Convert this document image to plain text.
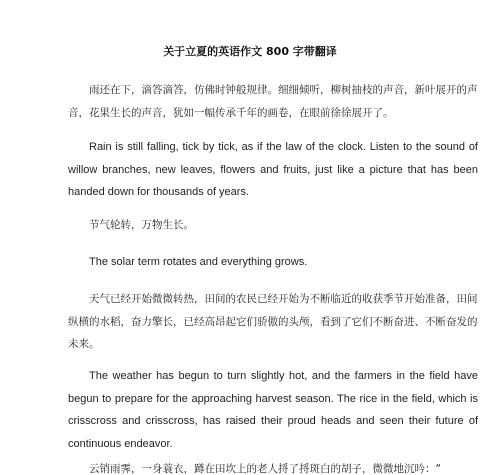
关于立夏的英语作文 800 字带翻译
雨还在下，滴答滴答，仿佛时钟般规律。细细倾听，柳树抽枝的声音，新叶展开的声
音，花果生长的声音，犹如一幅传承千年的画卷，在眼前徐徐展开了。
Rain is still falling, tick by tick, as if the law of the clock. Listen to the sound of
willow branches, new leaves, flowers and fruits, just like a picture that has been
handed down for thousands of years.
节气轮转，万物生长。
The solar term rotates and everything grows.
天气已经开始微微转热，田间的农民已经开始为不断临近的收获季节开始准备，田间
纵横的水稻，奋力擎长，已经高昂起它们骄傲的头颅，看到了它们不断奋进、不断奋发的
未来。
The weather has begun to turn slightly hot, and the farmers in the field have
begun to prepare for the approaching harvest season. The rice in the field, which is
crisscross and crisscross, has raised their proud heads and seen their future of
continuous endeavor.
云销雨霁，一身蓑衣，蹲在田坎上的老人捋了捋斑白的胡子，微微地沉吟：“
